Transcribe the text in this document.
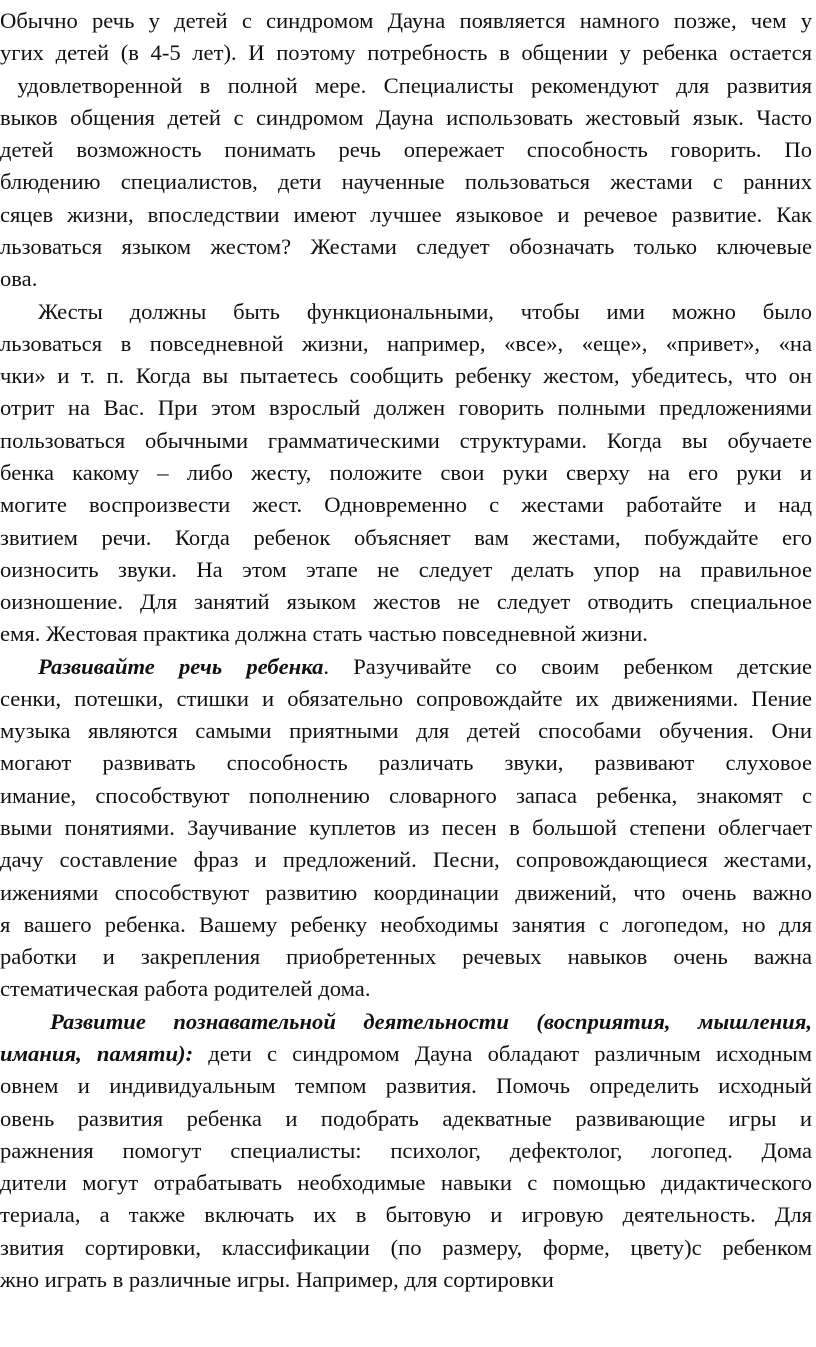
Обычно речь у детей с синдромом Дауна появляется намного позже, чем у
угих детей (в 4-5 лет). И поэтому потребность в общении у ребенка остается
удовлетворенной в полной мере. Специалисты рекомендуют для развития
выков общения детей с синдромом Дауна использовать жестовый язык. Часто
детей возможность понимать речь опережает способность говорить. По
блюдению специалистов, дети наученные пользоваться жестами с ранних
сяцев жизни, впоследствии имеют лучшее языковое и речевое развитие. Как
льзоваться языком жестом? Жестами следует обозначать только ключевые
ова.
Жесты должны быть функциональными, чтобы ими можно было
льзоваться в повседневной жизни, например, «все», «еще», «привет», «на
чки» и т. п. Когда вы пытаетесь сообщить ребенку жестом, убедитесь, что он
отрит на Вас. При этом взрослый должен говорить полными предложениями
пользоваться обычными грамматическими структурами. Когда вы обучаете
бенка какому – либо жесту, положите свои руки сверху на его руки и
могите воспроизвести жест. Одновременно с жестами работайте и над
звитием речи. Когда ребенок объясняет вам жестами, побуждайте его
оизносить звуки. На этом этапе не следует делать упор на правильное
оизношение. Для занятий языком жестов не следует отводить специальное
емя. Жестовая практика должна стать частью повседневной жизни.
Развивайте речь ребенка. Разучивайте со своим ребенком детские
сенки, потешки, стишки и обязательно сопровождайте их движениями. Пение
музыка являются самыми приятными для детей способами обучения. Они
могают развивать способность различать звуки, развивают слуховое
имание, способствуют пополнению словарного запаса ребенка, знакомят с
выми понятиями. Заучивание куплетов из песен в большой степени облегчает
дачу составление фраз и предложений. Песни, сопровождающиеся жестами,
ижениями способствуют развитию координации движений, что очень важно
я вашего ребенка. Вашему ребенку необходимы занятия с логопедом, но для
работки и закрепления приобретенных речевых навыков очень важна
стематическая работа родителей дома.
Развитие познавательной деятельности (восприятия, мышления,
имания, памяти): дети с синдромом Дауна обладают различным исходным
овнем и индивидуальным темпом развития. Помочь определить исходный
овень развития ребенка и подобрать адекватные развивающие игры и
ражнения помогут специалисты: психолог, дефектолог, логопед. Дома
дители могут отрабатывать необходимые навыки с помощью дидактического
териала, а также включать их в бытовую и игровую деятельность. Для
звития сортировки, классификации (по размеру, форме, цвету)с ребенком
жно играть в различные игры. Например, для сортировки
